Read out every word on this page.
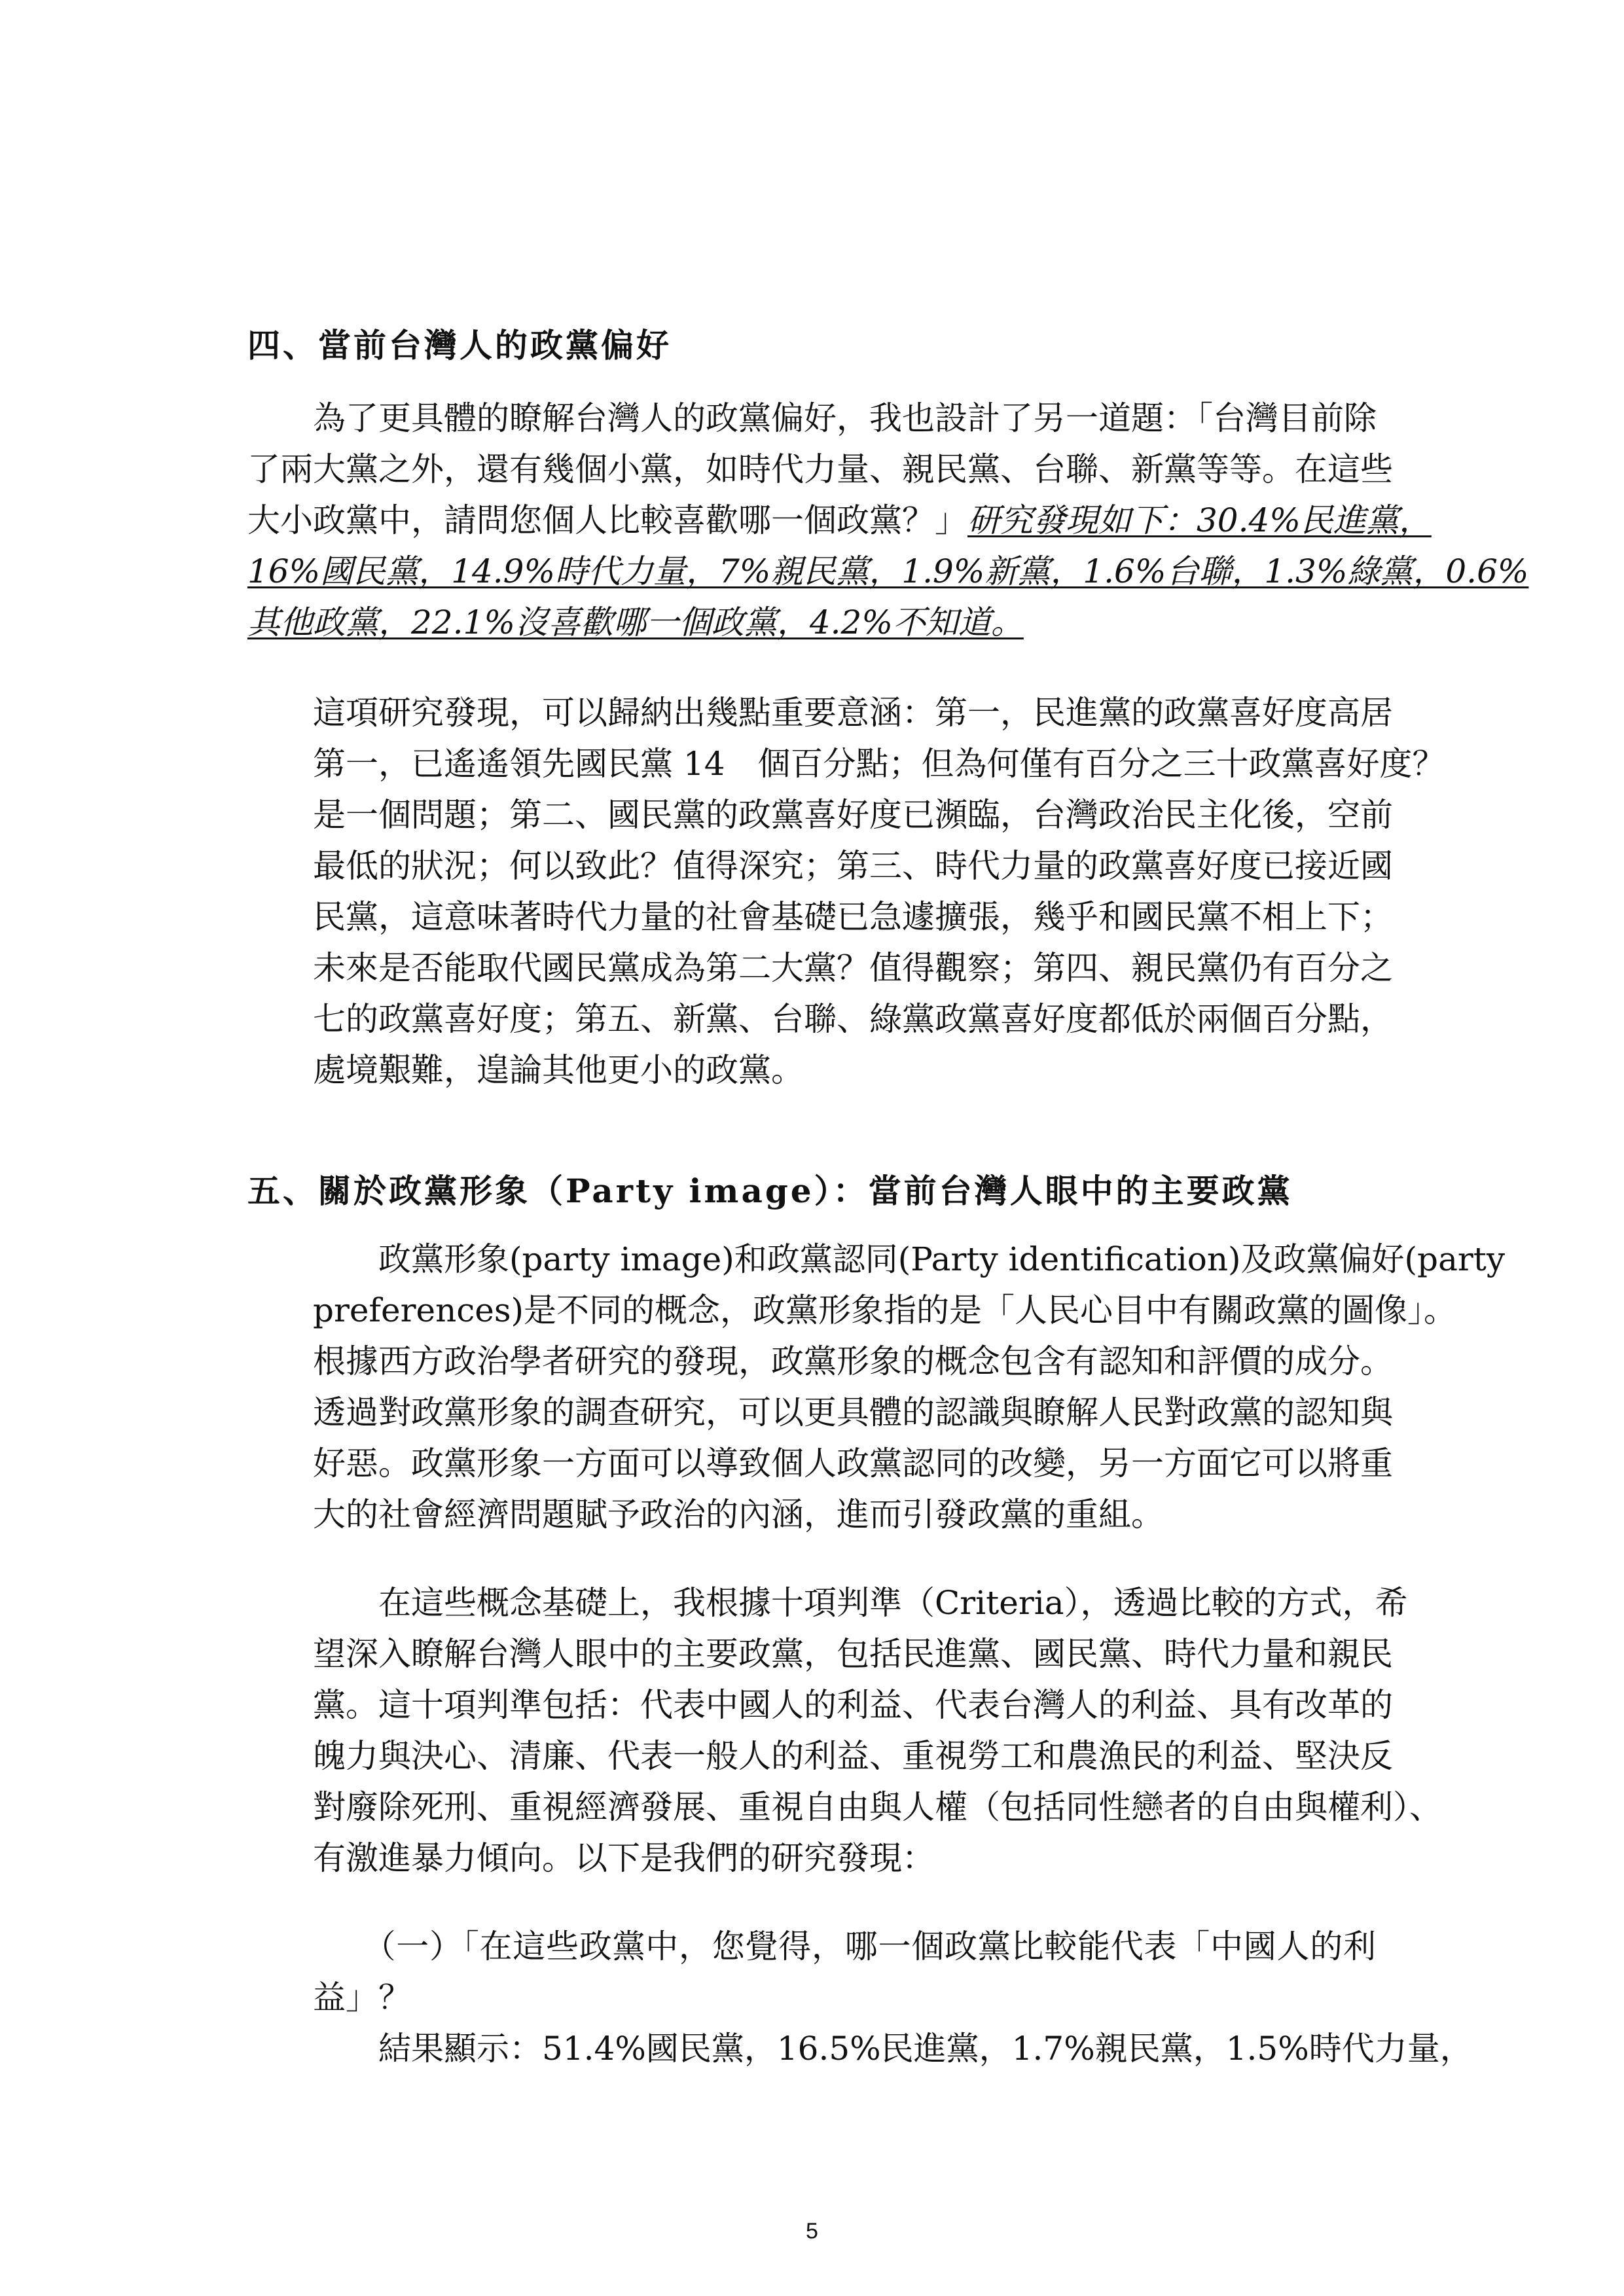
四、當前台灣人的政黨偏好

　　為了更具體的瞭解台灣人的政黨偏好，我也設計了另一道題：「台灣目前除
了兩大黨之外，還有幾個小黨，如時代力量、親民黨、台聯、新黨等等。在這些
大小政黨中，請問您個人比較喜歡哪一個政黨？」研究發現如下：30.4%民進黨，
16%國民黨，14.9%時代力量，7%親民黨，1.9%新黨，1.6%台聯，1.3%綠黨，0.6%
其他政黨，22.1%沒喜歡哪一個政黨，4.2%不知道。

這項研究發現，可以歸納出幾點重要意涵：第一，民進黨的政黨喜好度高居
第一，已遙遙領先國民黨 14　個百分點；但為何僅有百分之三十政黨喜好度？
是一個問題；第二、國民黨的政黨喜好度已瀕臨，台灣政治民主化後，空前
最低的狀況；何以致此？值得深究；第三、時代力量的政黨喜好度已接近國
民黨，這意味著時代力量的社會基礎已急遽擴張，幾乎和國民黨不相上下；
未來是否能取代國民黨成為第二大黨？值得觀察；第四、親民黨仍有百分之
七的政黨喜好度；第五、新黨、台聯、綠黨政黨喜好度都低於兩個百分點，
處境艱難，遑論其他更小的政黨。

五、關於政黨形象（Party image）：當前台灣人眼中的主要政黨

　　政黨形象(party image)和政黨認同(Party identification)及政黨偏好(party
preferences)是不同的概念，政黨形象指的是「人民心目中有關政黨的圖像」。
根據西方政治學者研究的發現，政黨形象的概念包含有認知和評價的成分。
透過對政黨形象的調查研究，可以更具體的認識與瞭解人民對政黨的認知與
好惡。政黨形象一方面可以導致個人政黨認同的改變，另一方面它可以將重
大的社會經濟問題賦予政治的內涵，進而引發政黨的重組。

　　在這些概念基礎上，我根據十項判準（Criteria），透過比較的方式，希
望深入瞭解台灣人眼中的主要政黨，包括民進黨、國民黨、時代力量和親民
黨。這十項判準包括：代表中國人的利益、代表台灣人的利益、具有改革的
魄力與決心、清廉、代表一般人的利益、重視勞工和農漁民的利益、堅決反
對廢除死刑、重視經濟發展、重視自由與人權（包括同性戀者的自由與權利）、
有激進暴力傾向。以下是我們的研究發現：

　　（一）「在這些政黨中，您覺得，哪一個政黨比較能代表「中國人的利
益」？

　　結果顯示：51.4%國民黨，16.5%民進黨，1.7%親民黨，1.5%時代力量，

5
